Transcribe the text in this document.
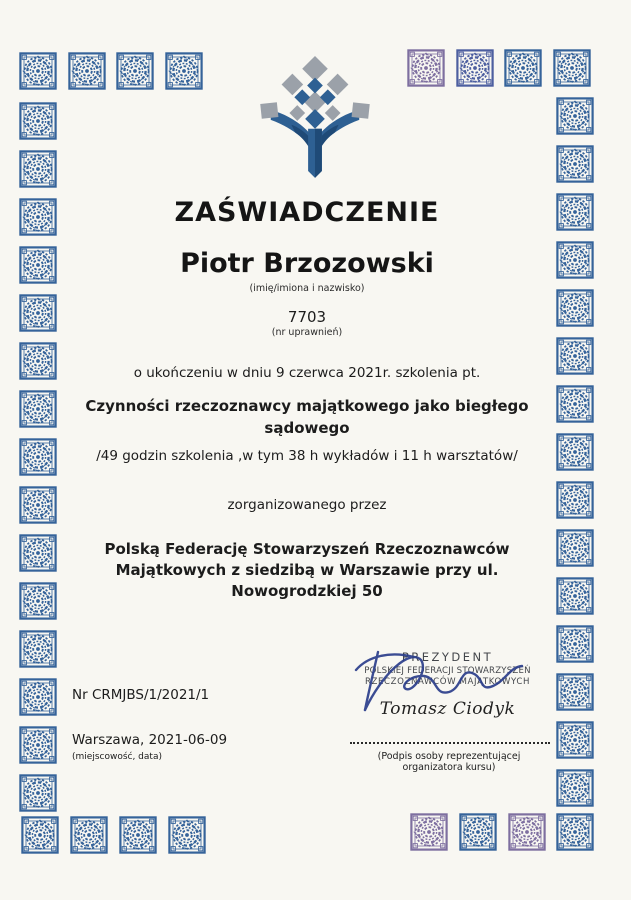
ZAŚWIADCZENIE
Piotr Brzozowski
(imię/imiona i nazwisko)
7703
(nr uprawnień)
o ukończeniu w dniu 9 czerwca 2021r. szkolenia pt.
Czynności rzeczoznawcy majątkowego jako biegłego
sądowego
/49 godzin szkolenia ,w tym 38 h wykładów i 11 h warsztatów/
zorganizowanego przez
Polską Federację Stowarzyszeń Rzeczoznawców
Majątkowych z siedzibą w Warszawie przy ul.
Nowogrodzkiej 50
PREZYDENT
POLSKIEJ FEDERACJI STOWARZYSZEŃ
RZECZOZNAWCÓW MAJĄTKOWYCH
Tomasz Ciodyk
Nr CRMJBS/1/2021/1
Warszawa, 2021-06-09
(miejscowość, data)	(Podpis osoby reprezentującej organizatora kursu)
